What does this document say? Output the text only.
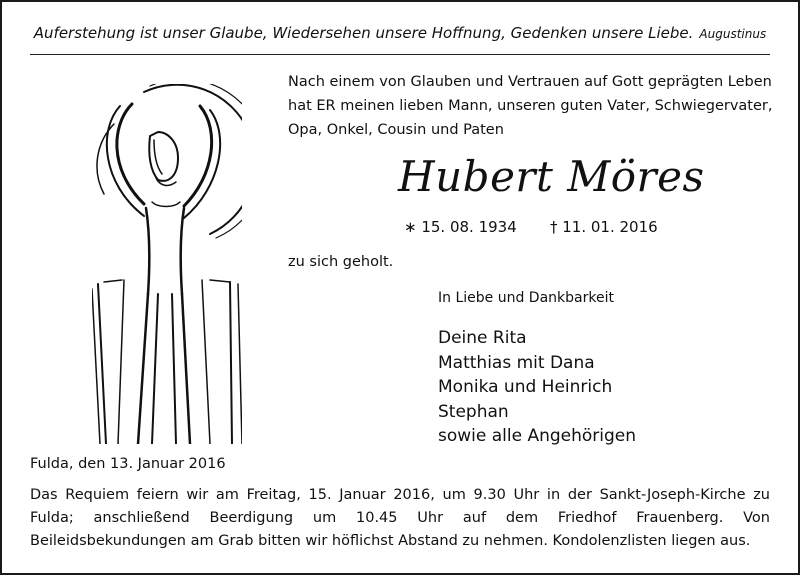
Auferstehung ist unser Glaube, Wiedersehen unsere Hoffnung, Gedenken unsere Liebe. Augustinus
Nach einem von Glauben und Vertrauen auf Gott geprägten Leben
hat ER meinen lieben Mann, unseren guten Vater, Schwiegervater,
Opa, Onkel, Cousin und Paten
Hubert Möres
∗ 15. 08. 1934 † 11. 01. 2016
zu sich geholt.
In Liebe und Dankbarkeit
Deine Rita
Matthias mit Dana
Monika und Heinrich
Stephan
sowie alle Angehörigen
Fulda, den 13. Januar 2016
Das Requiem feiern wir am Freitag, 15. Januar 2016, um 9.30 Uhr in der Sankt-Joseph-Kirche zu Fulda; anschließend Beerdigung um 10.45 Uhr auf dem Friedhof Frauenberg. Von Beileidsbekundungen am Grab bitten wir höflichst Abstand zu nehmen. Kondolenzlisten liegen aus.
